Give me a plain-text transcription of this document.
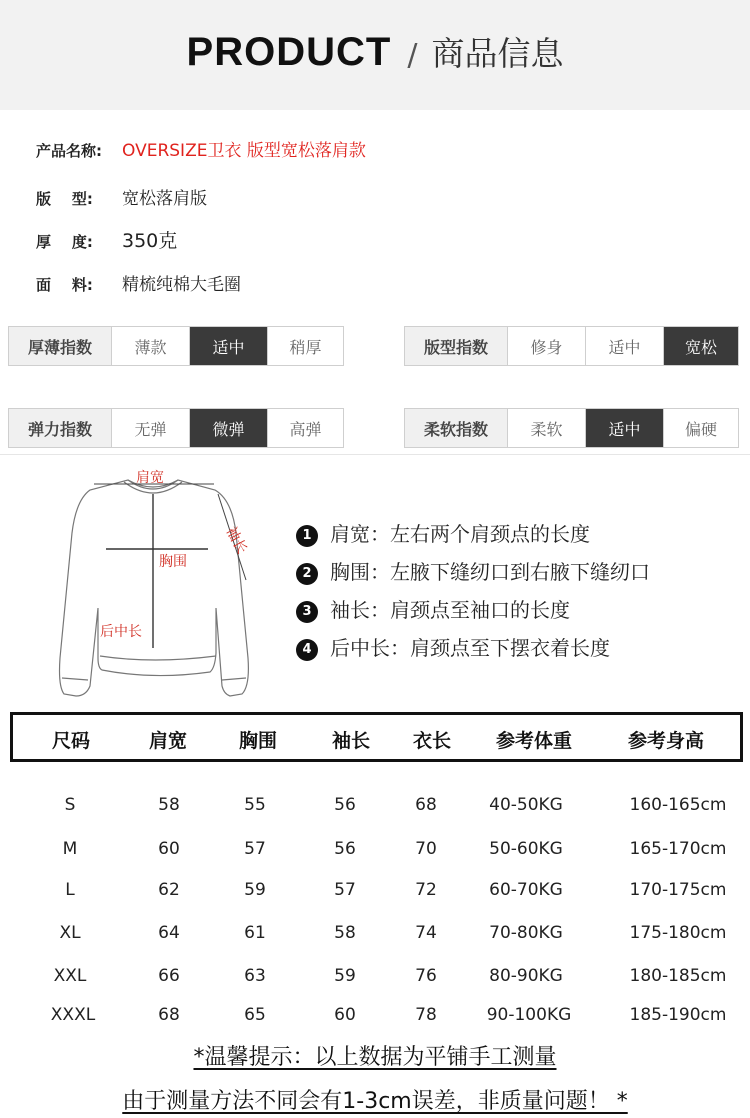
PRODUCT / 商品信息
产品名称: OVERSIZE卫衣 版型宽松落肩款
版    型: 宽松落肩版
厚    度: 350克
面    料: 精梳纯棉大毛圈
厚薄指数	薄款	适中	稍厚	版型指数	修身	适中	宽松
弹力指数	无弹	微弹	高弹	柔软指数	柔软	适中	偏硬
肩宽
袖长
胸围
后中长
1 肩宽：左右两个肩颈点的长度
2 胸围：左腋下缝纫口到右腋下缝纫口
3 袖长：肩颈点至袖口的长度
4 后中长：肩颈点至下摆衣着长度
尺码	肩宽	胸围	袖长 衣长 参考体重	参考身高
S	58	55	56	68	40-50KG	160-165cm
M	60	57	56	70	50-60KG	165-170cm
L	62	59	57	72	60-70KG	170-175cm
XL	64	61	58	74	70-80KG	175-180cm
XXL	66	63	59	76	80-90KG	180-185cm
XXXL	68	65	60	78	90-100KG	185-190cm
*温馨提示：以上数据为平铺手工测量
由于测量方法不同会有1-3cm误差，非质量问题！ *
